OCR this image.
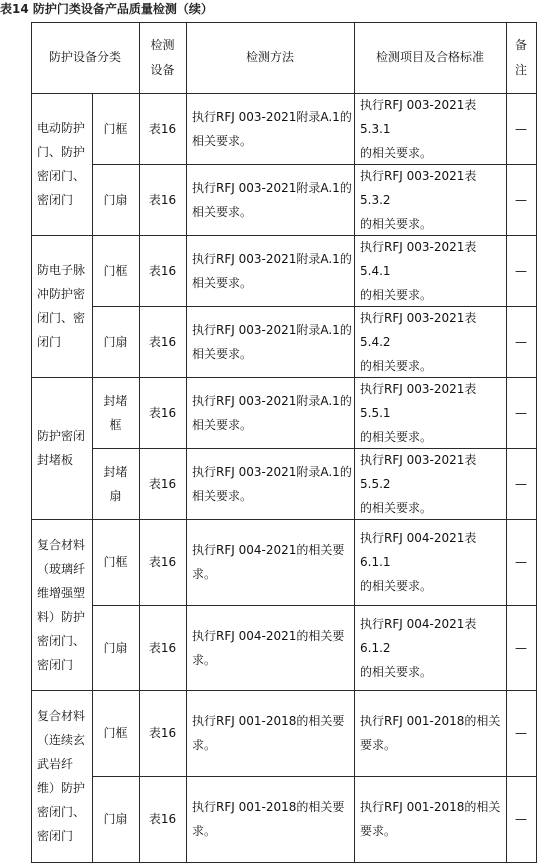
表14 防护门类设备产品质量检测（续）
防护设备分类
检测
设备
检测方法	检测项目及合格标准
备
注
电动防护
门、防护
密闭门、
密闭门
防电子脉
冲防护密
闭门、密
闭门
防护密闭
封堵板
复合材料
（玻璃纤
维增强塑
料）防护
密闭门、
密闭门
复合材料
（连续玄
武岩纤
维）防护
密闭门、
密闭门
门框 表16
执行RFJ 003-2021附录A.1的
相关要求。
执行RFJ 003-2021表5.3.1
的相关要求。
—
门扇 表16
执行RFJ 003-2021附录A.1的
相关要求。
执行RFJ 003-2021表5.3.2
的相关要求。
—
门框 表16
执行RFJ 003-2021附录A.1的
相关要求。
执行RFJ 003-2021表5.4.1
的相关要求。
—
门扇 表16
执行RFJ 003-2021附录A.1的
相关要求。
执行RFJ 003-2021表5.4.2
的相关要求。
—
封堵
框
表16
执行RFJ 003-2021附录A.1的
相关要求。
执行RFJ 003-2021表5.5.1
的相关要求。
—
封堵
扇
表16
执行RFJ 003-2021附录A.1的
相关要求。
执行RFJ 003-2021表5.5.2
的相关要求。
—
门框 表16
执行RFJ 004-2021的相关要
求。
执行RFJ 004-2021表6.1.1
的相关要求。
—
门扇 表16
执行RFJ 004-2021的相关要
求。
执行RFJ 004-2021表6.1.2
的相关要求。
—
门框 表16
执行RFJ 001-2018的相关要
求。
执行RFJ 001-2018的相关
要求。
—
门扇 表16
执行RFJ 001-2018的相关要
求。
执行RFJ 001-2018的相关
要求。
—
